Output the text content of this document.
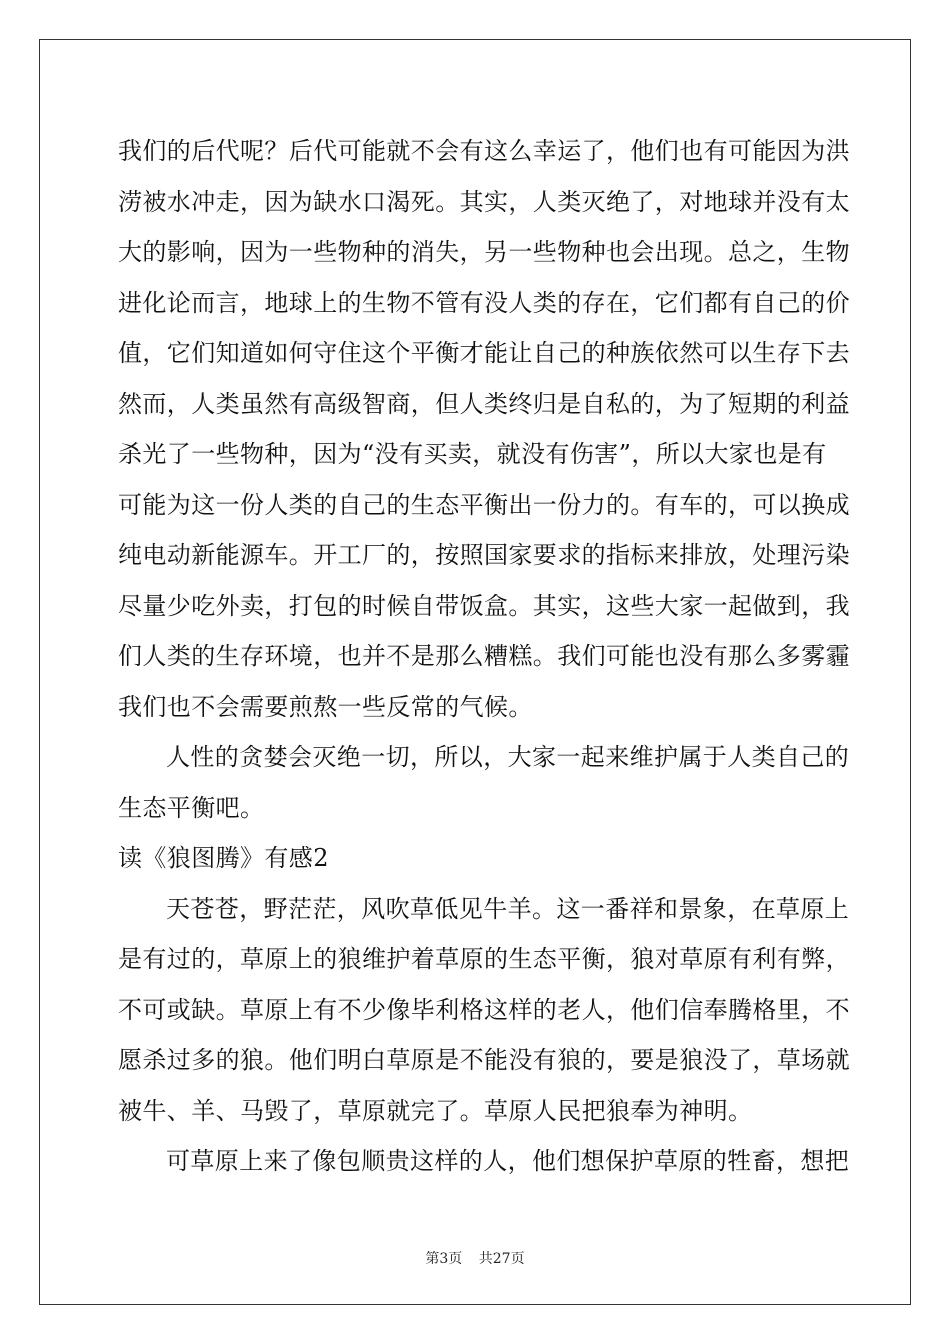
我们的后代呢？后代可能就不会有这么幸运了，他们也有可能因为洪
涝被水冲走，因为缺水口渴死。其实，人类灭绝了，对地球并没有太
大的影响，因为一些物种的消失，另一些物种也会出现。总之，生物
进化论而言，地球上的生物不管有没人类的存在，它们都有自己的价
值，它们知道如何守住这个平衡才能让自己的种族依然可以生存下去
然而，人类虽然有高级智商，但人类终归是自私的，为了短期的利益
杀光了一些物种，因为“没有买卖，就没有伤害”，所以大家也是有
可能为这一份人类的自己的生态平衡出一份力的。有车的，可以换成
纯电动新能源车。开工厂的，按照国家要求的指标来排放，处理污染
尽量少吃外卖，打包的时候自带饭盒。其实，这些大家一起做到，我
们人类的生存环境，也并不是那么糟糕。我们可能也没有那么多雾霾
我们也不会需要煎熬一些反常的气候。
人性的贪婪会灭绝一切，所以，大家一起来维护属于人类自己的
生态平衡吧。
读《狼图腾》有感2
天苍苍，野茫茫，风吹草低见牛羊。这一番祥和景象，在草原上
是有过的，草原上的狼维护着草原的生态平衡，狼对草原有利有弊，
不可或缺。草原上有不少像毕利格这样的老人，他们信奉腾格里，不
愿杀过多的狼。他们明白草原是不能没有狼的，要是狼没了，草场就
被牛、羊、马毁了，草原就完了。草原人民把狼奉为神明。
可草原上来了像包顺贵这样的人，他们想保护草原的牲畜，想把
第3页 共27页
